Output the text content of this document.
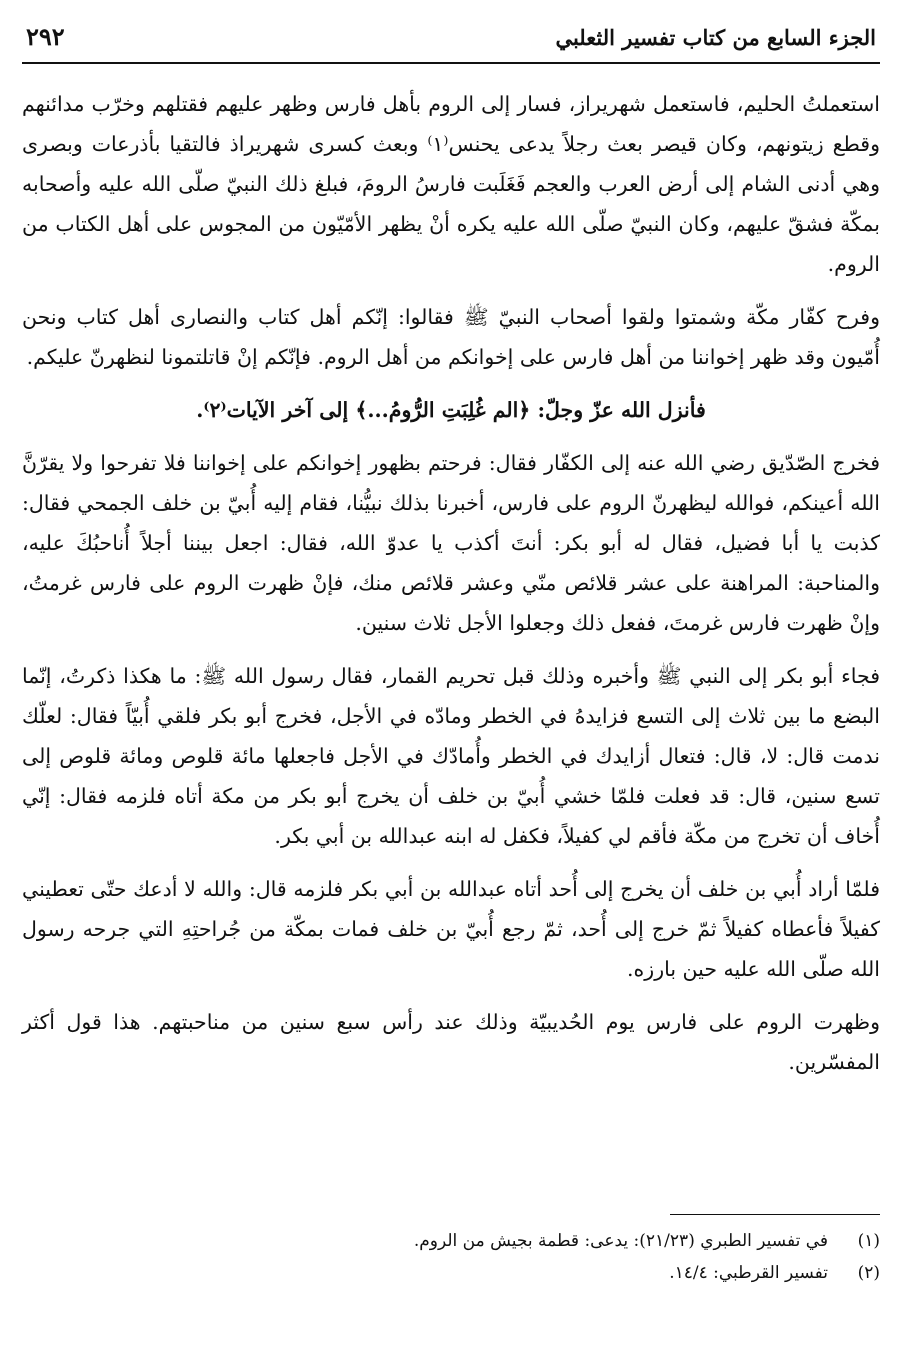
الجزء السابع من كتاب تفسير الثعلبي
٢٩٢

استعملتُ الحليم، فاستعمل شهريراز، فسار إلى الروم بأهل فارس وظهر عليهم فقتلهم وخرّب مدائنهم وقطع زيتونهم، وكان قيصر بعث رجلاً يدعى يحنس⁽١⁾ وبعث كسرى شهريراذ فالتقيا بأذرعات وبصرى وهي أدنى الشام إلى أرض العرب والعجم فَغَلَبت فارسُ الرومَ، فبلغ ذلك النبيّ صلّى الله عليه وأصحابه بمكّة فشقّ عليهم، وكان النبيّ صلّى الله عليه يكره أنْ يظهر الأمّيّون من المجوس على أهل الكتاب من الروم.

وفرح كفّار مكّة وشمتوا ولقوا أصحاب النبيّ ﷺ فقالوا: إنّكم أهل كتاب والنصارى أهل كتاب ونحن أُمّيون وقد ظهر إخواننا من أهل فارس على إخوانكم من أهل الروم. فإنّكم إنْ قاتلتمونا لنظهرنّ عليكم.

فأنزل الله عزّ وجلّ: ﴿الم غُلِبَتِ الرُّومُ...﴾ إلى آخر الآيات⁽٢⁾.

فخرج الصّدّيق رضي الله عنه إلى الكفّار فقال: فرحتم بظهور إخوانكم على إخواننا فلا تفرحوا ولا يقرّنَّ الله أعينكم، فوالله ليظهرنّ الروم على فارس، أخبرنا بذلك نبيُّنا، فقام إليه أُبيّ بن خلف الجمحي فقال: كذبت يا أبا فضيل، فقال له أبو بكر: أنتَ أكذب يا عدوّ الله، فقال: اجعل بيننا أجلاً أُناحبُكَ عليه، والمناحبة: المراهنة على عشر قلائص منّي وعشر قلائص منك، فإنْ ظهرت الروم على فارس غرمتُ، وإنْ ظهرت فارس غرمتَ، ففعل ذلك وجعلوا الأجل ثلاث سنين.

فجاء أبو بكر إلى النبي ﷺ وأخبره وذلك قبل تحريم القمار، فقال رسول الله ﷺ: ما هكذا ذكرتُ، إنّما البضع ما بين ثلاث إلى التسع فزايدهُ في الخطر ومادّه في الأجل، فخرج أبو بكر فلقي أُبيّاً فقال: لعلّك ندمت قال: لا، قال: فتعال أزايدك في الخطر وأُمادّك في الأجل فاجعلها مائة قلوص ومائة قلوص إلى تسع سنين، قال: قد فعلت فلمّا خشي أُبيّ بن خلف أن يخرج أبو بكر من مكة أتاه فلزمه فقال: إنّي أُخاف أن تخرج من مكّة فأقم لي كفيلاً، فكفل له ابنه عبدالله بن أبي بكر.

فلمّا أراد أُبي بن خلف أن يخرج إلى أُحد أتاه عبدالله بن أبي بكر فلزمه قال: والله لا أدعك حتّى تعطيني كفيلاً فأعطاه كفيلاً ثمّ خرج إلى أُحد، ثمّ رجع أُبيّ بن خلف فمات بمكّة من جُراحتِهِ التي جرحه رسول الله صلّى الله عليه حين بارزه.

وظهرت الروم على فارس يوم الحُديبيّة وذلك عند رأس سبع سنين من مناحبتهم. هذا قول أكثر المفسّرين.

(١)
في تفسير الطبري (٢١/٢٣): يدعى: قطمة بجيش من الروم.
(٢)
تفسير القرطبي: ١٤/٤.
